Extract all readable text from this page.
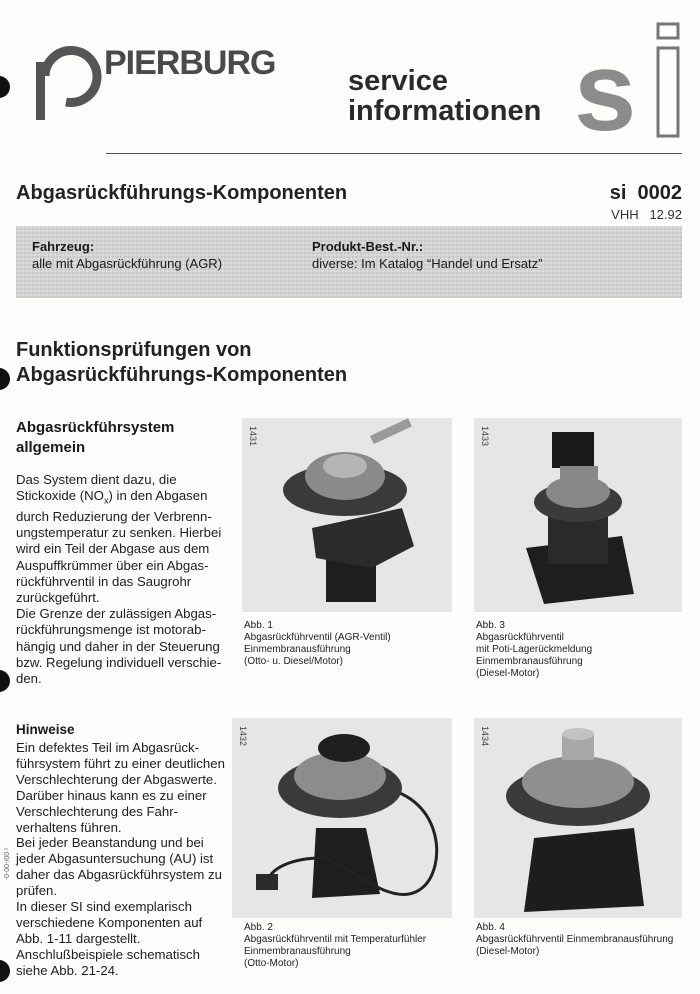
PIERBURG	service
informationen s
Abgasrückführungs-Komponenten	si  0002
VHH   12.92
Fahrzeug:
alle mit Abgasrückführung (AGR)
Produkt-Best.-Nr.:
diverse: Im Katalog “Handel und Ersatz”
Funktionsprüfungen von
Abgasrückführungs-Komponenten
Abgasrückführsystem
allgemein
Das System dient dazu, die
Stickoxide $(NO_x)$ in den Abgasen
durch Reduzierung der Verbrenn-
ungstemperatur zu senken. Hierbei
wird ein Teil der Abgase aus dem
Auspuffkrümmer über ein Abgas-
rückführventil in das Saugrohr
zurückgeführt.
Die Grenze der zulässigen Abgas-
rückführungsmenge ist motorab-
hängig und daher in der Steuerung
bzw. Regelung individuell verschie-
den.
Hinweise
Ein defektes Teil im Abgasrück-
führsystem führt zu einer deutlichen
Verschlechterung der Abgaswerte.
Darüber hinaus kann es zu einer
Verschlechterung des Fahr-
verhaltens führen.
Bei jeder Beanstandung und bei
jeder Abgasuntersuchung (AU) ist
daher das Abgasrückführsystem zu
prüfen.
In dieser SI sind exemplarisch
verschiedene Komponenten auf
Abb. 1-11 dargestellt.
Anschlußbeispiele schematisch
siehe Abb. 21-24.
ı 00/-00-0-
1431
Abb. 1
Abgasrückführventil (AGR-Ventil)
Einmembranausführung
(Otto- u. Diesel/Motor)
1433
Abb. 3
Abgasrückführventil
mit Poti-Lagerückmeldung
Einmembranausführung
(Diesel-Motor)
1432
Abb. 2
Abgasrückführventil mit Temperaturfühler
Einmembranausführung
(Otto-Motor)
1434
Abb. 4
Abgasrückführventil Einmembranausführung
(Diesel-Motor)
